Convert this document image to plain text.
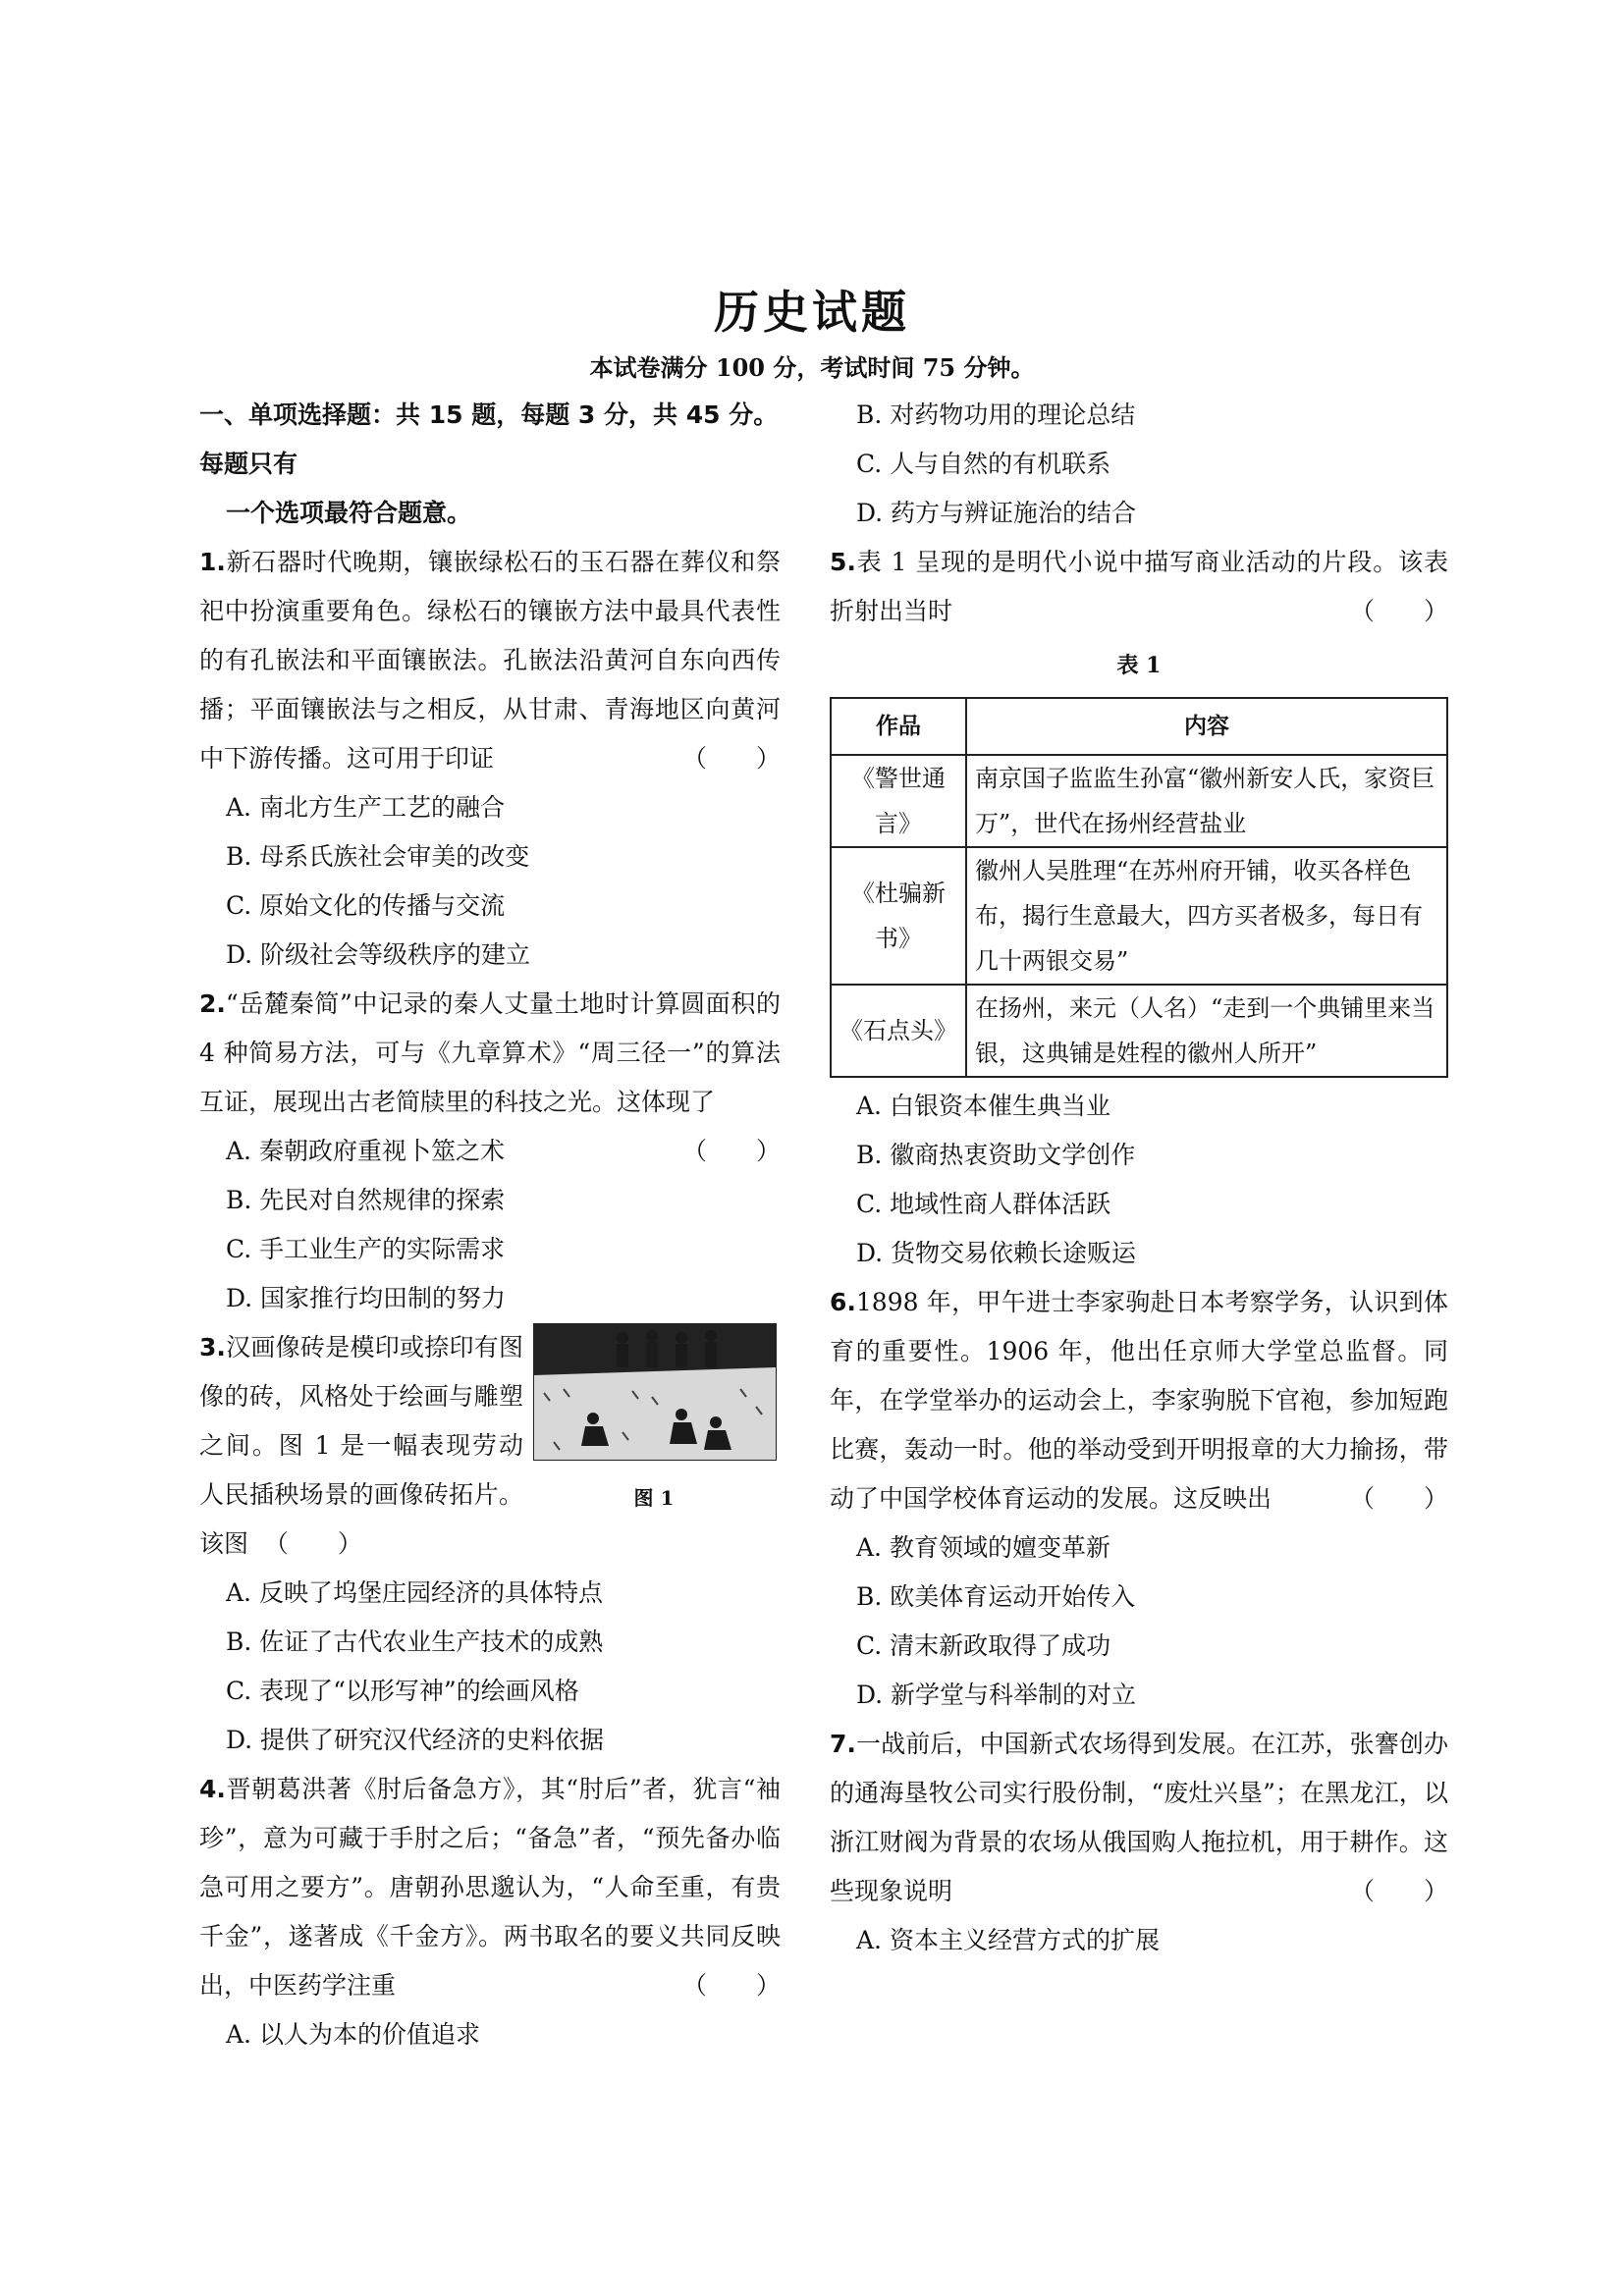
历史试题
本试卷满分 100 分，考试时间 75 分钟。

一、单项选择题：共 15 题，每题 3 分，共 45 分。每题只有
一个选项最符合题意。

1.新石器时代晚期，镶嵌绿松石的玉石器在葬仪和祭祀中扮演重要角色。绿松石的镶嵌方法中最具代表性的有孔嵌法和平面镶嵌法。孔嵌法沿黄河自东向西传播；平面镶嵌法与之相反，从甘肃、青海地区向黄河中下游传播。这可用于印证	（　　）

A. 南北方生产工艺的融合

B. 母系氏族社会审美的改变

C. 原始文化的传播与交流

D. 阶级社会等级秩序的建立

2.“岳麓秦简”中记录的秦人丈量土地时计算圆面积的 4 种简易方法，可与《九章算术》“周三径一”的算法互证，展现出古老简牍里的科技之光。这体现了
（　　）

A. 秦朝政府重视卜筮之术

B. 先民对自然规律的探索

C. 手工业生产的实际需求

D. 国家推行均田制的努力

3.汉画像砖是模印或捺印有图像的砖，风格处于绘画与雕塑之间。图 1 是一幅表现劳动人民插秧场景的画像砖拓片。该图 （　　）

图 1

A. 反映了坞堡庄园经济的具体特点

B. 佐证了古代农业生产技术的成熟

C. 表现了“以形写神”的绘画风格

D. 提供了研究汉代经济的史料依据

4.晋朝葛洪著《肘后备急方》，其“肘后”者，犹言“袖珍”，意为可藏于手肘之后；“备急”者，“预先备办临急可用之要方”。唐朝孙思邈认为，“人命至重，有贵千金”，遂著成《千金方》。两书取名的要义共同反映出，中医药学注重	（　　）

A. 以人为本的价值追求

B. 对药物功用的理论总结

C. 人与自然的有机联系

D. 药方与辨证施治的结合

5.表 1 呈现的是明代小说中描写商业活动的片段。该表折射出当时	（　　）

表 1
作品	内容
《警世通言》	南京国子监监生孙富“徽州新安人氏，家资巨万”，世代在扬州经营盐业
《杜骗新书》	徽州人吴胜理“在苏州府开铺，收买各样色布，揭行生意最大，四方买者极多，每日有几十两银交易”
《石点头》	在扬州，来元（人名）“走到一个典铺里来当银，这典铺是姓程的徽州人所开”

A. 白银资本催生典当业

B. 徽商热衷资助文学创作

C. 地域性商人群体活跃

D. 货物交易依赖长途贩运

6.1898 年，甲午进士李家驹赴日本考察学务，认识到体育的重要性。1906 年，他出任京师大学堂总监督。同年，在学堂举办的运动会上，李家驹脱下官袍，参加短跑比赛，轰动一时。他的举动受到开明报章的大力揄扬，带动了中国学校体育运动的发展。这反映出	（　　）

A. 教育领域的嬗变革新

B. 欧美体育运动开始传入

C. 清末新政取得了成功

D. 新学堂与科举制的对立

7.一战前后，中国新式农场得到发展。在江苏，张謇创办的通海垦牧公司实行股份制，“废灶兴垦”；在黑龙江，以浙江财阀为背景的农场从俄国购人拖拉机，用于耕作。这些现象说明	（　　）

A. 资本主义经营方式的扩展
